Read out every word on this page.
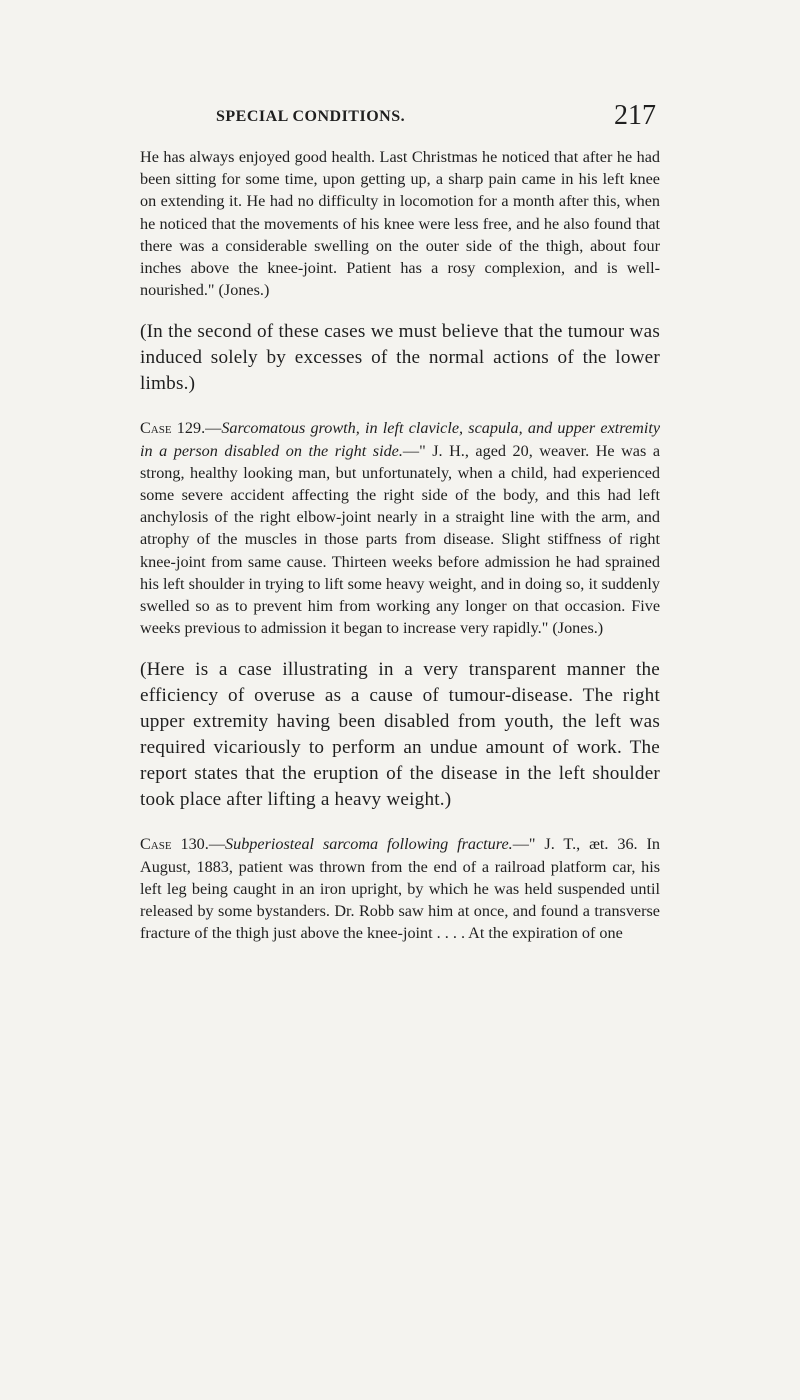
SPECIAL CONDITIONS.	217

He has always enjoyed good health. Last Christmas he noticed that after he had been sitting for some time, upon getting up, a sharp pain came in his left knee on extending it. He had no difficulty in locomotion for a month after this, when he noticed that the movements of his knee were less free, and he also found that there was a considerable swelling on the outer side of the thigh, about four inches above the knee-joint. Patient has a rosy complexion, and is well-nourished." (Jones.)

(In the second of these cases we must believe that the tumour was induced solely by excesses of the normal actions of the lower limbs.)

Case 129.—Sarcomatous growth, in left clavicle, scapula, and upper extremity in a person disabled on the right side.—" J. H., aged 20, weaver. He was a strong, healthy looking man, but unfortunately, when a child, had experienced some severe accident affecting the right side of the body, and this had left anchylosis of the right elbow-joint nearly in a straight line with the arm, and atrophy of the muscles in those parts from disease. Slight stiffness of right knee-joint from same cause. Thirteen weeks before admission he had sprained his left shoulder in trying to lift some heavy weight, and in doing so, it suddenly swelled so as to prevent him from working any longer on that occasion. Five weeks previous to admission it began to increase very rapidly." (Jones.)

(Here is a case illustrating in a very transparent manner the efficiency of overuse as a cause of tumour-disease. The right upper extremity having been disabled from youth, the left was required vicariously to perform an undue amount of work. The report states that the eruption of the disease in the left shoulder took place after lifting a heavy weight.)

Case 130.—Subperiosteal sarcoma following fracture.—" J. T., æt. 36. In August, 1883, patient was thrown from the end of a railroad platform car, his left leg being caught in an iron upright, by which he was held suspended until released by some bystanders. Dr. Robb saw him at once, and found a transverse fracture of the thigh just above the knee-joint . . . . At the expiration of one
